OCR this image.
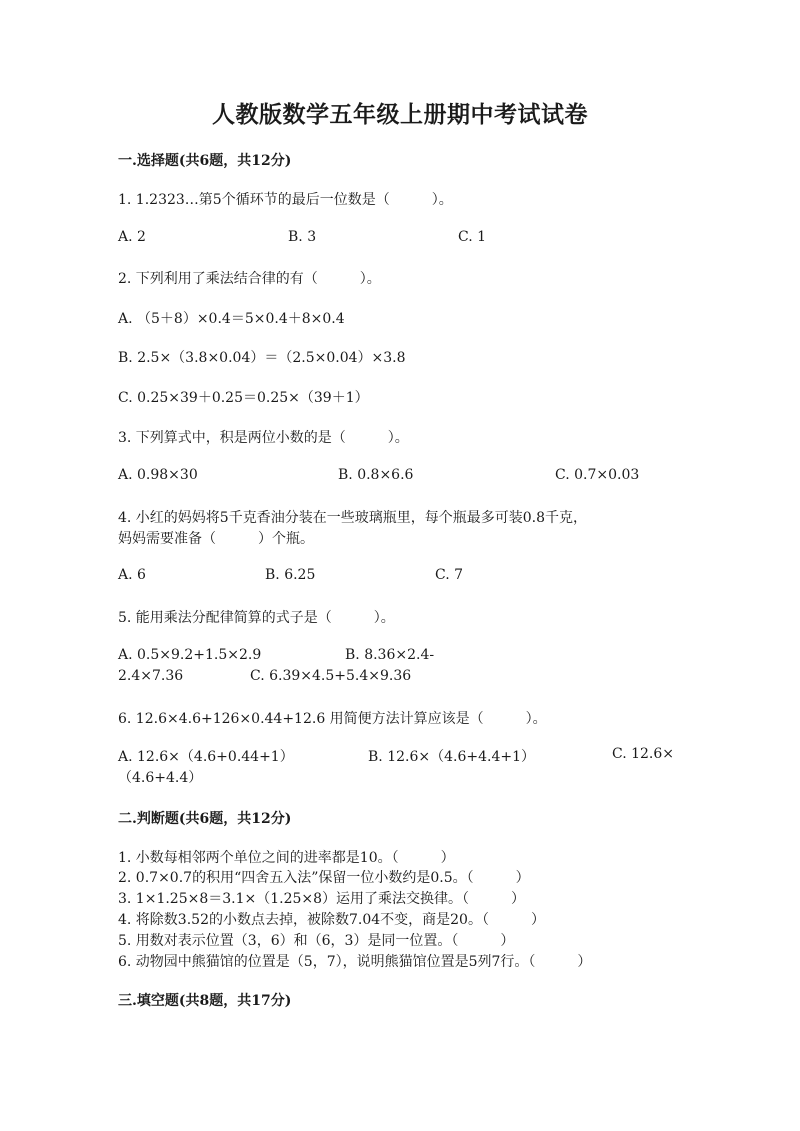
人教版数学五年级上册期中考试试卷
一.选择题(共6题，共12分)
1. 1.2323…第5个循环节的最后一位数是（　　　）。
A. 2	B. 3	C. 1
2. 下列利用了乘法结合律的有（　　　）。
A. （5＋8）×0.4＝5×0.4＋8×0.4
B. 2.5×（3.8×0.04）＝（2.5×0.04）×3.8
C. 0.25×39＋0.25＝0.25×（39＋1）
3. 下列算式中，积是两位小数的是（　　　）。
A. 0.98×30	B. 0.8×6.6	C. 0.7×0.03
4. 小红的妈妈将5千克香油分装在一些玻璃瓶里，每个瓶最多可装0.8千克，
妈妈需要准备（　　　）个瓶。
A. 6	B. 6.25	C. 7
5. 能用乘法分配律简算的式子是（　　　）。
A. 0.5×9.2+1.5×2.9	B. 8.36×2.4-
2.4×7.36	C. 6.39×4.5+5.4×9.36
6. 12.6×4.6+126×0.44+12.6 用简便方法计算应该是（　　　）。
A. 12.6×（4.6+0.44+1）	B. 12.6×（4.6+4.4+1）	C. 12.6×
（4.6+4.4）
二.判断题(共6题，共12分)
1. 小数每相邻两个单位之间的进率都是10。（　　　）
2. 0.7×0.7的积用“四舍五入法”保留一位小数约是0.5。（　　　）
3. 1×1.25×8＝3.1×（1.25×8）运用了乘法交换律。（　　　）
4. 将除数3.52的小数点去掉，被除数7.04不变，商是20。（　　　）
5. 用数对表示位置（3，6）和（6，3）是同一位置。（　　　）
6. 动物园中熊猫馆的位置是（5，7），说明熊猫馆位置是5列7行。（　　　）
三.填空题(共8题，共17分)
